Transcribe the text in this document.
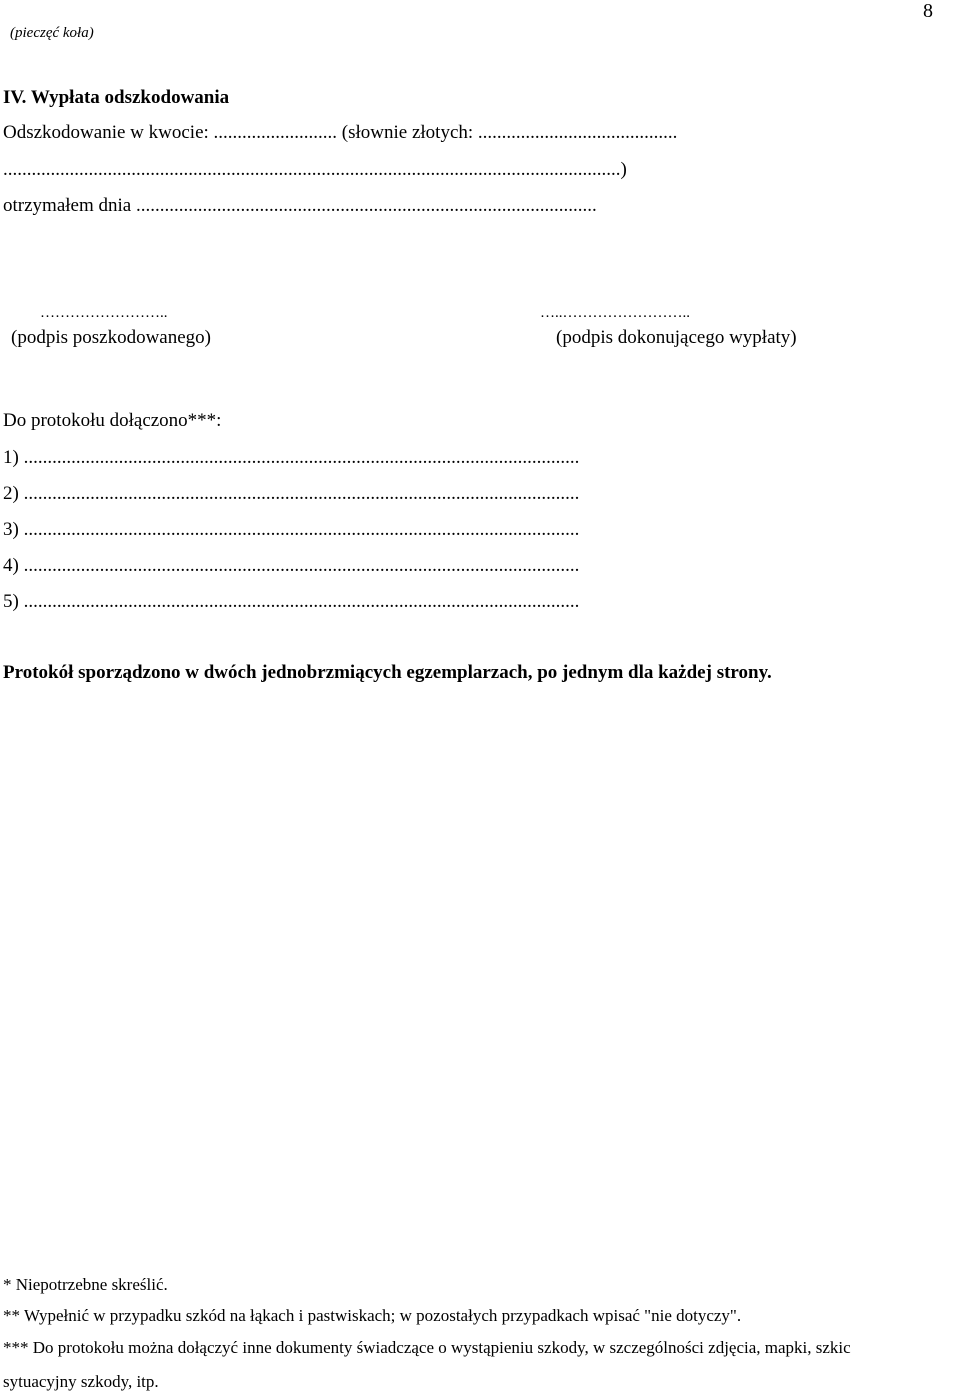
(pieczęć koła)
8
IV. Wypłata odszkodowania
Odszkodowanie w kwocie: .......................... (słownie złotych: ..........................................
..................................................................................................................................)
otrzymałem dnia .................................................................................................
……………………..	…..……………………..
(podpis poszkodowanego)	(podpis dokonującego wypłaty)
Do protokołu dołączono***:
1) .....................................................................................................................
2) .....................................................................................................................
3) .....................................................................................................................
4) .....................................................................................................................
5) .....................................................................................................................
Protokół sporządzono w dwóch jednobrzmiących egzemplarzach, po jednym dla każdej strony.
* Niepotrzebne skreślić.
** Wypełnić w przypadku szkód na łąkach i pastwiskach; w pozostałych przypadkach wpisać "nie dotyczy".
*** Do protokołu można dołączyć inne dokumenty świadczące o wystąpieniu szkody, w szczególności zdjęcia, mapki, szkic
sytuacyjny szkody, itp.
